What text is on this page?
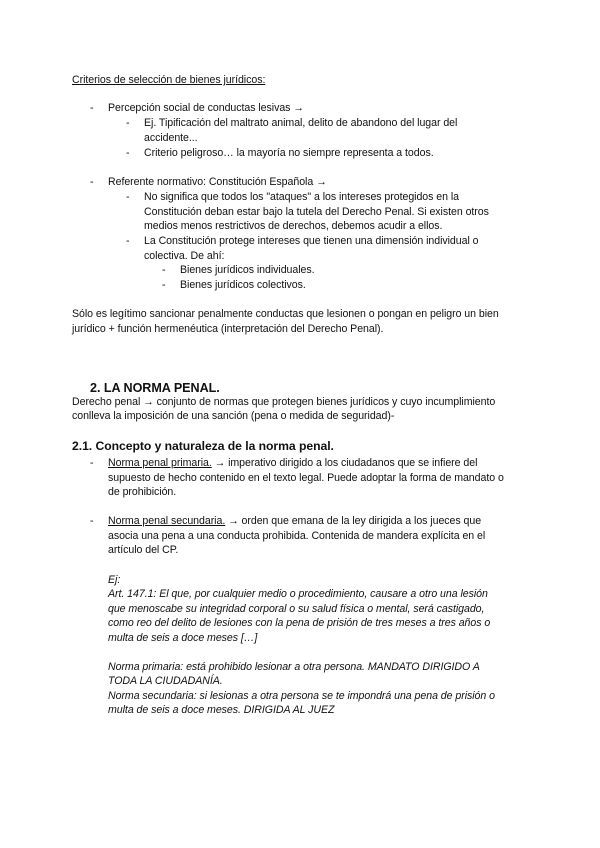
Criterios de selección de bienes jurídicos:
- Percepción social de conductas lesivas →
- Ej. Tipificación del maltrato animal, delito de abandono del lugar del
accidente...
- Criterio peligroso… la mayoría no siempre representa a todos.
- Referente normativo: Constitución Española →
- No significa que todos los "ataques" a los intereses protegidos en la
Constitución deban estar bajo la tutela del Derecho Penal. Si existen otros
medios menos restrictivos de derechos, debemos acudir a ellos.
- La Constitución protege intereses que tienen una dimensión individual o
colectiva. De ahí:
- Bienes jurídicos individuales.
- Bienes jurídicos colectivos.
Sólo es legítimo sancionar penalmente conductas que lesionen o pongan en peligro un bien
jurídico + función hermenéutica (interpretación del Derecho Penal).
2. LA NORMA PENAL.
Derecho penal → conjunto de normas que protegen bienes jurídicos y cuyo incumplimiento
conlleva la imposición de una sanción (pena o medida de seguridad)-
2.1. Concepto y naturaleza de la norma penal.
- Norma penal primaria. → imperativo dirigido a los ciudadanos que se infiere del
supuesto de hecho contenido en el texto legal. Puede adoptar la forma de mandato o
de prohibición.
- Norma penal secundaria. → orden que emana de la ley dirigida a los jueces que
asocia una pena a una conducta prohibida. Contenida de mandera explícita en el
artículo del CP.
Ej:
Art. 147.1: El que, por cualquier medio o procedimiento, causare a otro una lesión
que menoscabe su integridad corporal o su salud física o mental, será castigado,
como reo del delito de lesiones con la pena de prisión de tres meses a tres años o
multa de seis a doce meses […]
Norma primaria: está prohibido lesionar a otra persona. MANDATO DIRIGIDO A
TODA LA CIUDADANÍA.
Norma secundaria: si lesionas a otra persona se te impondrá una pena de prisión o
multa de seis a doce meses. DIRIGIDA AL JUEZ
